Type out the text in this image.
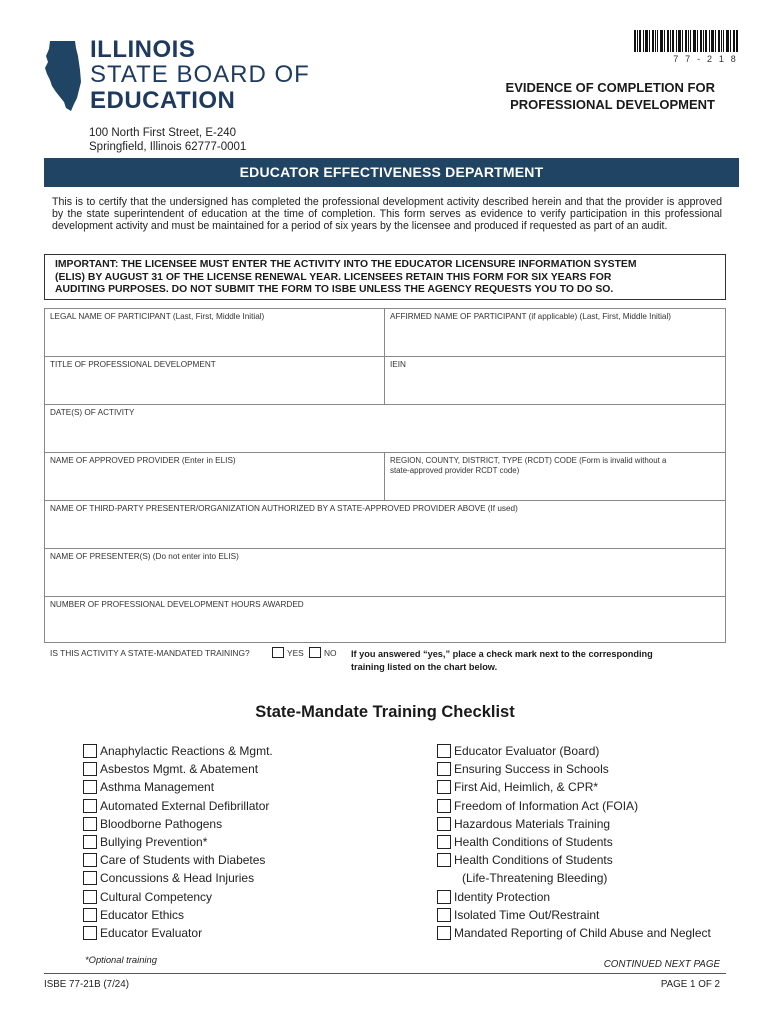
ILLINOIS
STATE BOARD OF
EDUCATION
7 7 - 2 1 8
EVIDENCE OF COMPLETION FOR
PROFESSIONAL DEVELOPMENT
100 North First Street, E-240
Springfield, Illinois 62777-0001
EDUCATOR EFFECTIVENESS DEPARTMENT
This is to certify that the undersigned has completed the professional development activity described herein and that the provider is approved by the state superintendent of education at the time of completion. This form serves as evidence to verify participation in this professional development activity and must be maintained for a period of six years by the licensee and produced if requested as part of an audit.
IMPORTANT: THE LICENSEE MUST ENTER THE ACTIVITY INTO THE EDUCATOR LICENSURE INFORMATION SYSTEM
(ELIS) BY AUGUST 31 OF THE LICENSE RENEWAL YEAR. LICENSEES RETAIN THIS FORM FOR SIX YEARS FOR
AUDITING PURPOSES. DO NOT SUBMIT THE FORM TO ISBE UNLESS THE AGENCY REQUESTS YOU TO DO SO.
LEGAL NAME OF PARTICIPANT (Last, First, Middle Initial)	AFFIRMED NAME OF PARTICIPANT (if applicable) (Last, First, Middle Initial)
TITLE OF PROFESSIONAL DEVELOPMENT	IEIN
DATE(S) OF ACTIVITY
NAME OF APPROVED PROVIDER (Enter in ELIS)	REGION, COUNTY, DISTRICT, TYPE (RCDT) CODE (Form is invalid without a
state-approved provider RCDT code)
NAME OF THIRD-PARTY PRESENTER/ORGANIZATION AUTHORIZED BY A STATE-APPROVED PROVIDER ABOVE (If used)
NAME OF PRESENTER(S) (Do not enter into ELIS)
NUMBER OF PROFESSIONAL DEVELOPMENT HOURS AWARDED
IS THIS ACTIVITY A STATE-MANDATED TRAINING?	YES NO If you answered “yes,” place a check mark next to the corresponding
training listed on the chart below.
State-Mandate Training Checklist
Anaphylactic Reactions & Mgmt.
Asbestos Mgmt. & Abatement
Asthma Management
Automated External Defibrillator
Bloodborne Pathogens
Bullying Prevention*
Care of Students with Diabetes
Concussions & Head Injuries
Cultural Competency
Educator Ethics
Educator Evaluator
Educator Evaluator (Board)
Ensuring Success in Schools
First Aid, Heimlich, & CPR*
Freedom of Information Act (FOIA)
Hazardous Materials Training
Health Conditions of Students
Health Conditions of Students
Identity Protection
Isolated Time Out/Restraint
Mandated Reporting of Child Abuse and Neglect
(Life-Threatening Bleeding)
*Optional training	CONTINUED NEXT PAGE
ISBE 77-21B (7/24)	PAGE 1 OF 2
